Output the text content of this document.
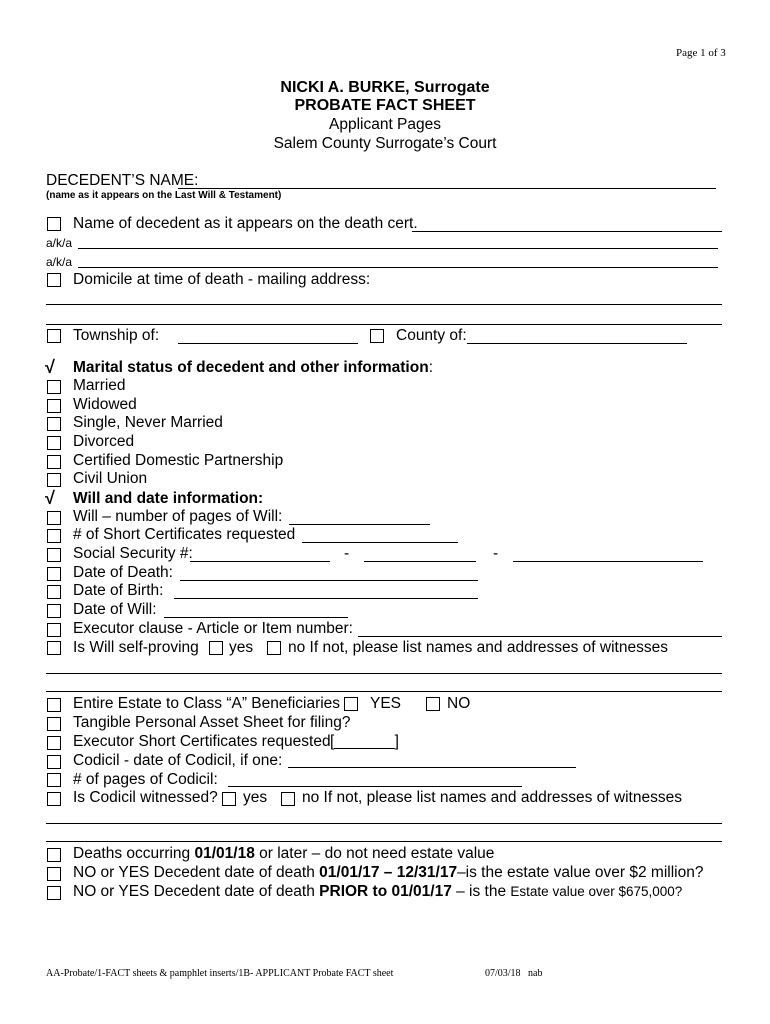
Page 1 of 3
NICKI A. BURKE, Surrogate
PROBATE FACT SHEET
Applicant Pages
Salem County Surrogate’s Court
DECEDENT’S NAME:
(name as it appears on the Last Will & Testament)
Name of decedent as it appears on the death cert.
a/k/a
a/k/a
Domicile at time of death - mailing address:
Township of:	County of:
√ Marital status of decedent and other information:
Married
Widowed
Single, Never Married
Divorced
Certified Domestic Partnership
Civil Union
√ Will and date information:
Will – number of pages of Will:
# of Short Certificates requested
Social Security #:	-	-
Date of Death:
Date of Birth:
Date of Will:
Executor clause - Article or Item number:
Is Will self-proving yes no If not, please list names and addresses of witnesses
Entire Estate to Class “A” Beneficiaries YES	NO
Tangible Personal Asset Sheet for filing?
Executor Short Certificates requested [_______]
Codicil - date of Codicil, if one:
# of pages of Codicil:
Is Codicil witnessed? yes no If not, please list names and addresses of witnesses
Deaths occurring 01/01/18 or later – do not need estate value
NO or YES Decedent date of death 01/01/17 – 12/31/17–is the estate value over $2 million?
NO or YES Decedent date of death PRIOR to 01/01/17 – is the Estate value over $675,000?
AA-Probate/1-FACT sheets & pamphlet inserts/1B- APPLICANT Probate FACT sheet	07/03/18   nab
